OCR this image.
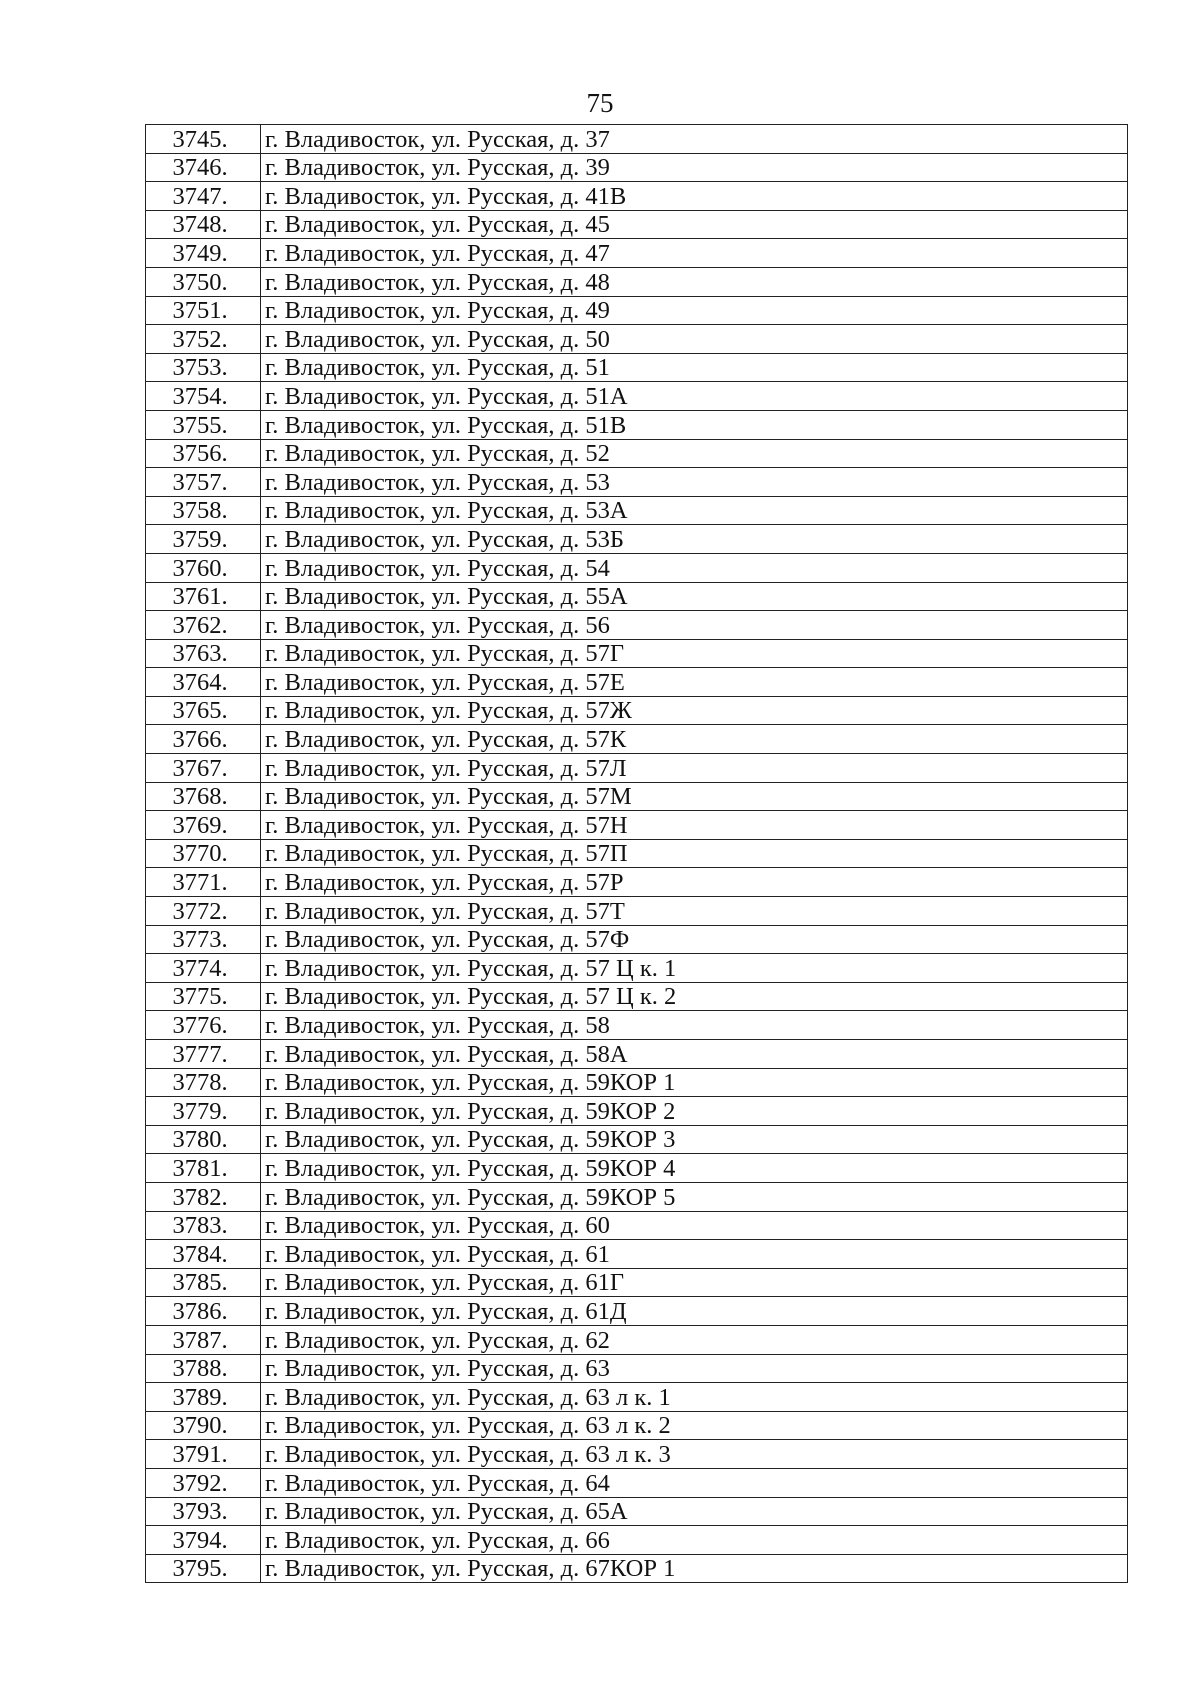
75
3745.	г. Владивосток, ул. Русская, д. 37
3746.	г. Владивосток, ул. Русская, д. 39
3747.	г. Владивосток, ул. Русская, д. 41В
3748.	г. Владивосток, ул. Русская, д. 45
3749.	г. Владивосток, ул. Русская, д. 47
3750.	г. Владивосток, ул. Русская, д. 48
3751.	г. Владивосток, ул. Русская, д. 49
3752.	г. Владивосток, ул. Русская, д. 50
3753.	г. Владивосток, ул. Русская, д. 51
3754.	г. Владивосток, ул. Русская, д. 51А
3755.	г. Владивосток, ул. Русская, д. 51В
3756.	г. Владивосток, ул. Русская, д. 52
3757.	г. Владивосток, ул. Русская, д. 53
3758.	г. Владивосток, ул. Русская, д. 53А
3759.	г. Владивосток, ул. Русская, д. 53Б
3760.	г. Владивосток, ул. Русская, д. 54
3761.	г. Владивосток, ул. Русская, д. 55А
3762.	г. Владивосток, ул. Русская, д. 56
3763.	г. Владивосток, ул. Русская, д. 57Г
3764.	г. Владивосток, ул. Русская, д. 57Е
3765.	г. Владивосток, ул. Русская, д. 57Ж
3766.	г. Владивосток, ул. Русская, д. 57К
3767.	г. Владивосток, ул. Русская, д. 57Л
3768.	г. Владивосток, ул. Русская, д. 57М
3769.	г. Владивосток, ул. Русская, д. 57Н
3770.	г. Владивосток, ул. Русская, д. 57П
3771.	г. Владивосток, ул. Русская, д. 57Р
3772.	г. Владивосток, ул. Русская, д. 57Т
3773.	г. Владивосток, ул. Русская, д. 57Ф
3774.	г. Владивосток, ул. Русская, д. 57 Ц к. 1
3775.	г. Владивосток, ул. Русская, д. 57 Ц к. 2
3776.	г. Владивосток, ул. Русская, д. 58
3777.	г. Владивосток, ул. Русская, д. 58А
3778.	г. Владивосток, ул. Русская, д. 59КОР 1
3779.	г. Владивосток, ул. Русская, д. 59КОР 2
3780.	г. Владивосток, ул. Русская, д. 59КОР 3
3781.	г. Владивосток, ул. Русская, д. 59КОР 4
3782.	г. Владивосток, ул. Русская, д. 59КОР 5
3783.	г. Владивосток, ул. Русская, д. 60
3784.	г. Владивосток, ул. Русская, д. 61
3785.	г. Владивосток, ул. Русская, д. 61Г
3786.	г. Владивосток, ул. Русская, д. 61Д
3787.	г. Владивосток, ул. Русская, д. 62
3788.	г. Владивосток, ул. Русская, д. 63
3789.	г. Владивосток, ул. Русская, д. 63 л к. 1
3790.	г. Владивосток, ул. Русская, д. 63 л к. 2
3791.	г. Владивосток, ул. Русская, д. 63 л к. 3
3792.	г. Владивосток, ул. Русская, д. 64
3793.	г. Владивосток, ул. Русская, д. 65А
3794.	г. Владивосток, ул. Русская, д. 66
3795.	г. Владивосток, ул. Русская, д. 67КОР 1
